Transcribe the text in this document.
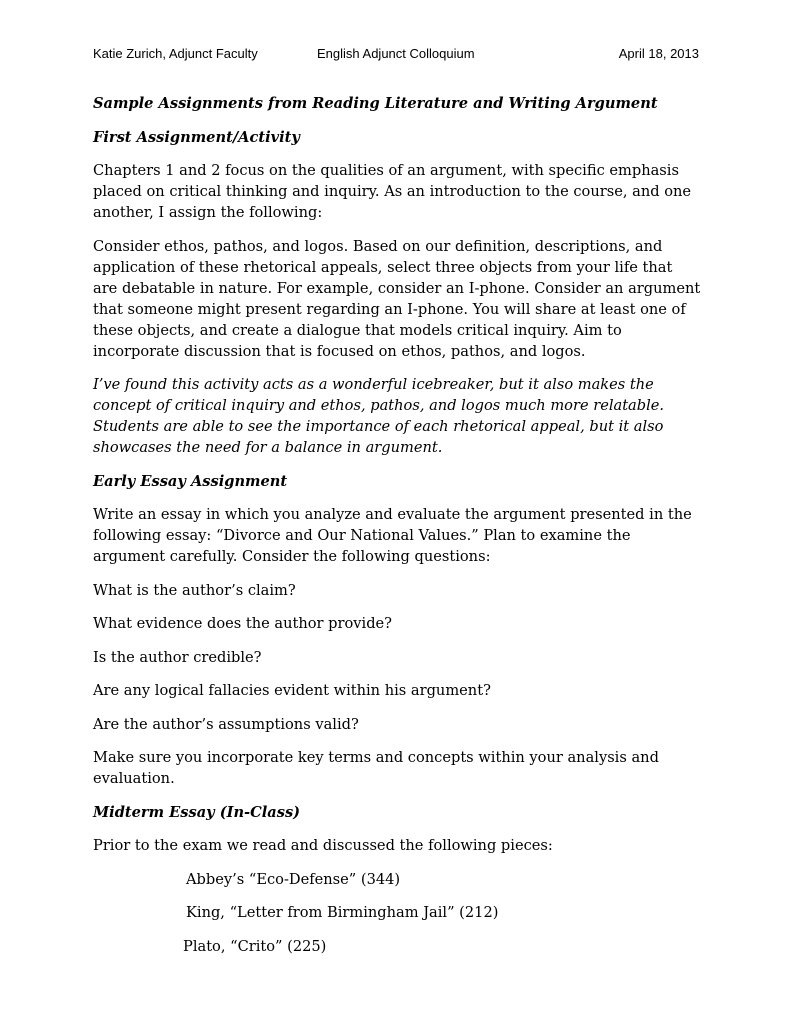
Katie Zurich, Adjunct Faculty	English Adjunct Colloquium	April 18, 2013

Sample Assignments from Reading Literature and Writing Argument

First Assignment/Activity

Chapters 1 and 2 focus on the qualities of an argument, with specific emphasis placed on critical thinking and inquiry. As an introduction to the course, and one another, I assign the following:

Consider ethos, pathos, and logos. Based on our definition, descriptions, and application of these rhetorical appeals, select three objects from your life that are debatable in nature. For example, consider an I-phone. Consider an argument that someone might present regarding an I-phone. You will share at least one of these objects, and create a dialogue that models critical inquiry. Aim to incorporate discussion that is focused on ethos, pathos, and logos.

I’ve found this activity acts as a wonderful icebreaker, but it also makes the concept of critical inquiry and ethos, pathos, and logos much more relatable. Students are able to see the importance of each rhetorical appeal, but it also showcases the need for a balance in argument.

Early Essay Assignment

Write an essay in which you analyze and evaluate the argument presented in the following essay: “Divorce and Our National Values.” Plan to examine the argument carefully. Consider the following questions:

What is the author’s claim?

What evidence does the author provide?

Is the author credible?

Are any logical fallacies evident within his argument?

Are the author’s assumptions valid?

Make sure you incorporate key terms and concepts within your analysis and evaluation.

Midterm Essay (In-Class)

Prior to the exam we read and discussed the following pieces:

Abbey’s “Eco-Defense” (344)

King, “Letter from Birmingham Jail” (212)

Plato, “Crito” (225)
